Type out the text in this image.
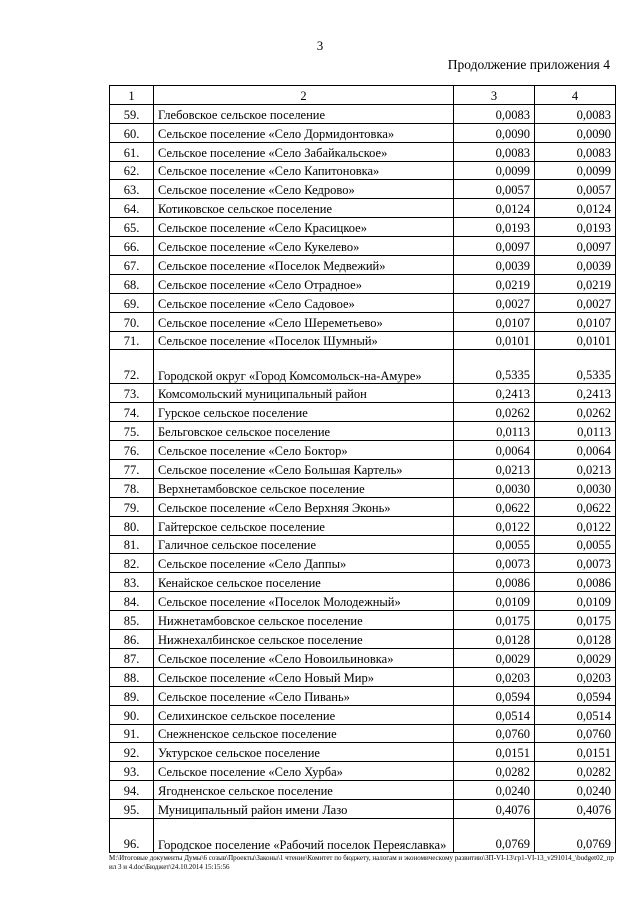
3
Продолжение приложения 4
1	2	3	4
59.	Глебовское сельское поселение	0,0083	0,0083
60.	Сельское поселение «Село Дормидонтовка»	0,0090	0,0090
61.	Сельское поселение «Село Забайкальское»	0,0083	0,0083
62.	Сельское поселение «Село Капитоновка»	0,0099	0,0099
63.	Сельское поселение «Село Кедрово»	0,0057	0,0057
64.	Котиковское сельское поселение	0,0124	0,0124
65.	Сельское поселение «Село Красицкое»	0,0193	0,0193
66.	Сельское поселение «Село Кукелево»	0,0097	0,0097
67.	Сельское поселение «Поселок Медвежий»	0,0039	0,0039
68.	Сельское поселение «Село Отрадное»	0,0219	0,0219
69.	Сельское поселение «Село Садовое»	0,0027	0,0027
70.	Сельское поселение «Село Шереметьево»	0,0107	0,0107
71.	Сельское поселение «Поселок Шумный»	0,0101	0,0101
72.	Городской округ «Город Комсомольск-на-Амуре»	0,5335	0,5335
73.	Комсомольский муниципальный район	0,2413	0,2413
74.	Гурское сельское поселение	0,0262	0,0262
75.	Бельговское сельское поселение	0,0113	0,0113
76.	Сельское поселение «Село Боктор»	0,0064	0,0064
77.	Сельское поселение «Село Большая Картель»	0,0213	0,0213
78.	Верхнетамбовское сельское поселение	0,0030	0,0030
79.	Сельское поселение «Село Верхняя Эконь»	0,0622	0,0622
80.	Гайтерское сельское поселение	0,0122	0,0122
81.	Галичное сельское поселение	0,0055	0,0055
82.	Сельское поселение «Село Даппы»	0,0073	0,0073
83.	Кенайское сельское поселение	0,0086	0,0086
84.	Сельское поселение «Поселок Молодежный»	0,0109	0,0109
85.	Нижнетамбовское сельское поселение	0,0175	0,0175
86.	Нижнехалбинское сельское поселение	0,0128	0,0128
87.	Сельское поселение «Село Новоильиновка»	0,0029	0,0029
88.	Сельское поселение «Село Новый Мир»	0,0203	0,0203
89.	Сельское поселение «Село Пивань»	0,0594	0,0594
90.	Селихинское сельское поселение	0,0514	0,0514
91.	Снежненское сельское поселение	0,0760	0,0760
92.	Уктурское сельское поселение	0,0151	0,0151
93.	Сельское поселение «Село Хурба»	0,0282	0,0282
94.	Ягодненское сельское поселение	0,0240	0,0240
95.	Муниципальный район имени Лазо	0,4076	0,4076
96.	Городское поселение «Рабочий поселок Переяславка»	0,0769	0,0769
M:\Итоговые документы Думы\6 созыв\Проекты\Законы\1 чтение\Комитет по бюджету, налогам и экономическому развитию\ЗП-VI-13\гр1-VI-13_v291014_\budget02_прил 3 и 4.doc\Бюджет\24.10.2014 15:15:56
